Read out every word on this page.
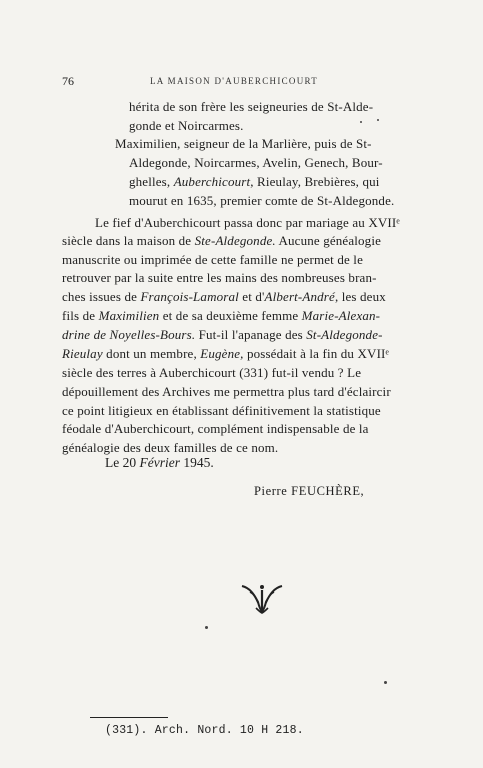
76	LA MAISON D'AUBERCHICOURT
hérita de son frère les seigneuries de St-Alde-
gonde et Noircarmes.
Maximilien, seigneur de la Marlière, puis de St-
Aldegonde, Noircarmes, Avelin, Genech, Bour-
ghelles, Auberchicourt, Rieulay, Brebières, qui
mourut en 1635, premier comte de St-Aldegonde.
Le fief d'Auberchicourt passa donc par mariage au XVIIᵉ
siècle dans la maison de Ste-Aldegonde. Aucune généalogie
manuscrite ou imprimée de cette famille ne permet de le
retrouver par la suite entre les mains des nombreuses bran-
ches issues de François-Lamoral et d'Albert-André, les deux
fils de Maximilien et de sa deuxième femme Marie-Alexan-
drine de Noyelles-Bours. Fut-il l'apanage des St-Aldegonde-
Rieulay dont un membre, Eugène, possédait à la fin du XVIIᵉ
siècle des terres à Auberchicourt (331) fut-il vendu ? Le
dépouillement des Archives me permettra plus tard d'éclaircir
ce point litigieux en établissant définitivement la statistique
féodale d'Auberchicourt, complément indispensable de la
généalogie des deux familles de ce nom.
Le 20 Février 1945.
Pierre FEUCHÈRE,
(331). Arch. Nord. 10 H 218.
